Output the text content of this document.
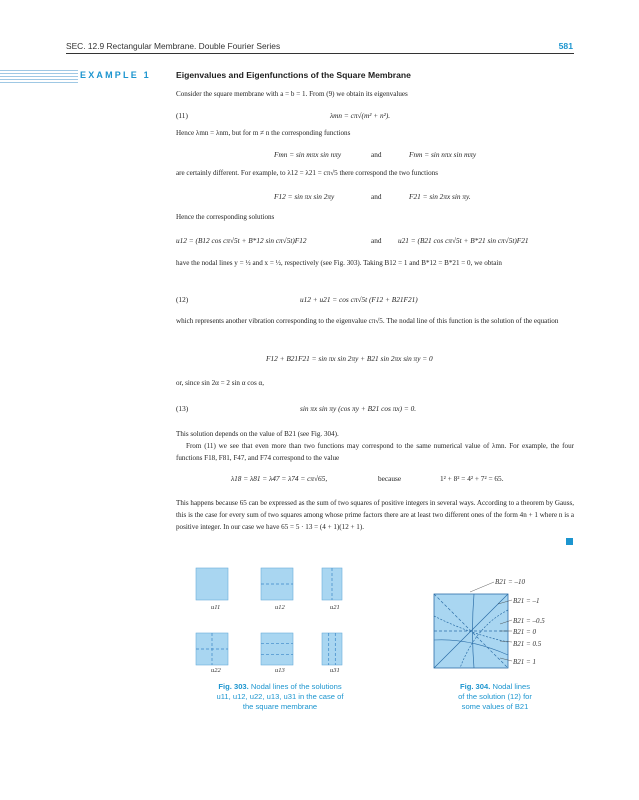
SEC. 12.9 Rectangular Membrane. Double Fourier Series	581
EXAMPLE 1	Eigenvalues and Eigenfunctions of the Square Membrane
Consider the square membrane with a = b = 1. From (9) we obtain its eigenvalues
(11)	λmn = cπ√(m² + n²).
Hence λmn = λnm, but for m ≠ n the corresponding functions
Fmn = sin mπx sin nπy	and	Fnm = sin nπx sin mπy
are certainly different. For example, to λ12 = λ21 = cπ√5 there correspond the two functions
F12 = sin πx sin 2πy	and	F21 = sin 2πx sin πy.
Hence the corresponding solutions
u12 = (B12 cos cπ√5t + B*12 sin cπ√5t)F12	and u21 = (B21 cos cπ√5t + B*21 sin cπ√5t)F21
have the nodal lines y = ½ and x = ½, respectively (see Fig. 303). Taking B12 = 1 and B*12 = B*21 = 0, we obtain
(12)	u12 + u21 = cos cπ√5t (F12 + B21F21)
which represents another vibration corresponding to the eigenvalue cπ√5. The nodal line of this function is the solution of the equation
F12 + B21F21 = sin πx sin 2πy + B21 sin 2πx sin πy = 0
or, since sin 2α = 2 sin α cos α,
(13)	sin πx sin πy (cos πy + B21 cos πx) = 0.
This solution depends on the value of B21 (see Fig. 304).
From (11) we see that even more than two functions may correspond to the same numerical value of λmn. For example, the four functions F18, F81, F47, and F74 correspond to the value
λ18 = λ81 = λ47 = λ74 = cπ√65,	because	1² + 8² = 4² + 7² = 65.
This happens because 65 can be expressed as the sum of two squares of positive integers in several ways. According to a theorem by Gauss, this is the case for every sum of two squares among whose prime factors there are at least two different ones of the form 4n + 1 where n is a positive integer. In our case we have 65 = 5 · 13 = (4 + 1)(12 + 1).
u11	u12	u21
u22	u13	u31
Fig. 303. Nodal lines of the solutions
u11, u12, u22, u13, u31 in the case of
the square membrane
B21 = –10
B21 = –1
B21 = –0.5
B21 = 0
B21 = 0.5
B21 = 1
Fig. 304. Nodal lines
of the solution (12) for
some values of B21
